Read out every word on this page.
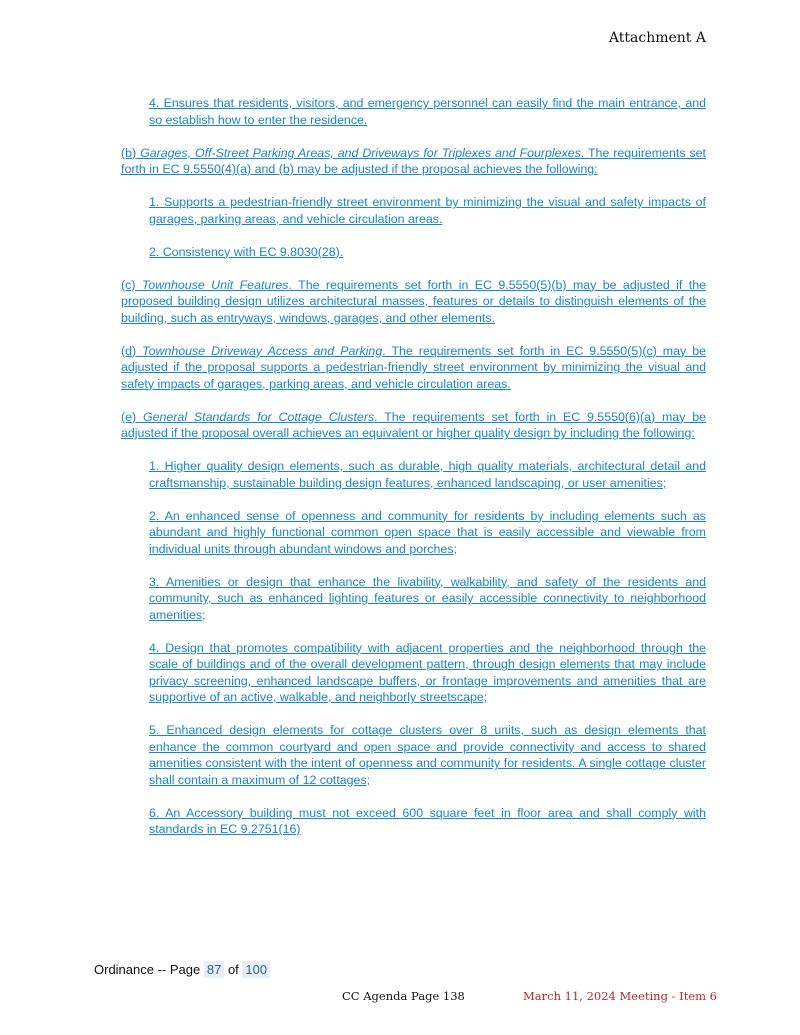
Attachment A

4. Ensures that residents, visitors, and emergency personnel can easily find the main entrance, and so establish how to enter the residence.

(b) Garages, Off-Street Parking Areas, and Driveways for Triplexes and Fourplexes. The requirements set forth in EC 9.5550(4)(a) and (b) may be adjusted if the proposal achieves the following:

1. Supports a pedestrian-friendly street environment by minimizing the visual and safety impacts of garages, parking areas, and vehicle circulation areas.

2. Consistency with EC 9.8030(28).

(c) Townhouse Unit Features. The requirements set forth in EC 9.5550(5)(b) may be adjusted if the proposed building design utilizes architectural masses, features or details to distinguish elements of the building, such as entryways, windows, garages, and other elements.

(d) Townhouse Driveway Access and Parking. The requirements set forth in EC 9.5550(5)(c) may be adjusted if the proposal supports a pedestrian-friendly street environment by minimizing the visual and safety impacts of garages, parking areas, and vehicle circulation areas.

(e) General Standards for Cottage Clusters. The requirements set forth in EC 9.5550(6)(a) may be adjusted if the proposal overall achieves an equivalent or higher quality design by including the following:

1. Higher quality design elements, such as durable, high quality materials, architectural detail and craftsmanship, sustainable building design features, enhanced landscaping, or user amenities;

2. An enhanced sense of openness and community for residents by including elements such as abundant and highly functional common open space that is easily accessible and viewable from individual units through abundant windows and porches;

3. Amenities or design that enhance the livability, walkability, and safety of the residents and community, such as enhanced lighting features or easily accessible connectivity to neighborhood amenities;

4. Design that promotes compatibility with adjacent properties and the neighborhood through the scale of buildings and of the overall development pattern, through design elements that may include privacy screening, enhanced landscape buffers, or frontage improvements and amenities that are supportive of an active, walkable, and neighborly streetscape;

5. Enhanced design elements for cottage clusters over 8 units, such as design elements that enhance the common courtyard and open space and provide connectivity and access to shared amenities consistent with the intent of openness and community for residents. A single cottage cluster shall contain a maximum of 12 cottages;

6. An Accessory building must not exceed 600 square feet in floor area and shall comply with standards in EC 9.2751(16)

Ordinance -- Page 87 of 100
CC Agenda Page 138	March 11, 2024 Meeting - Item 6
